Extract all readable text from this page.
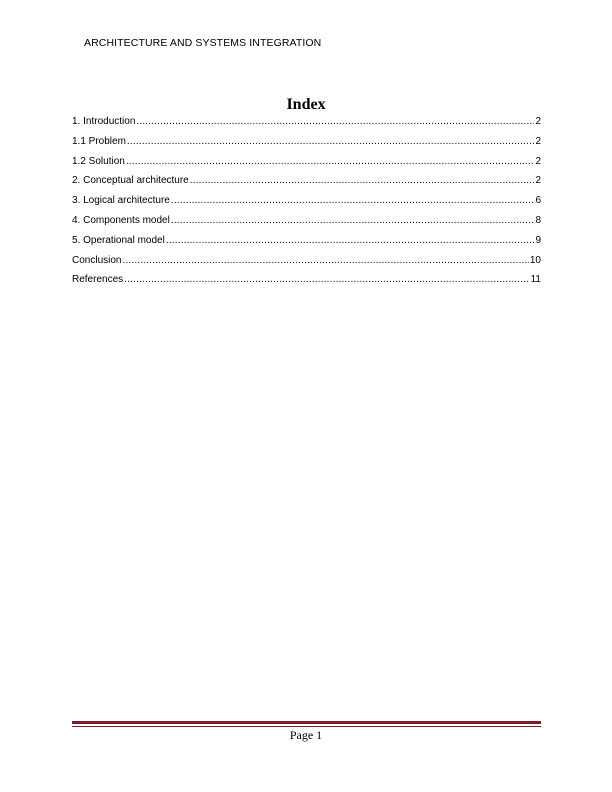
ARCHITECTURE AND SYSTEMS INTEGRATION
Index
1. Introduction .....	2
1.1 Problem .....	2
1.2 Solution .....	2
2. Conceptual architecture .....	2
3. Logical architecture .....	6
4. Components model .....	8
5. Operational model .....	9
Conclusion .....	10
References .....	11
Page 1
